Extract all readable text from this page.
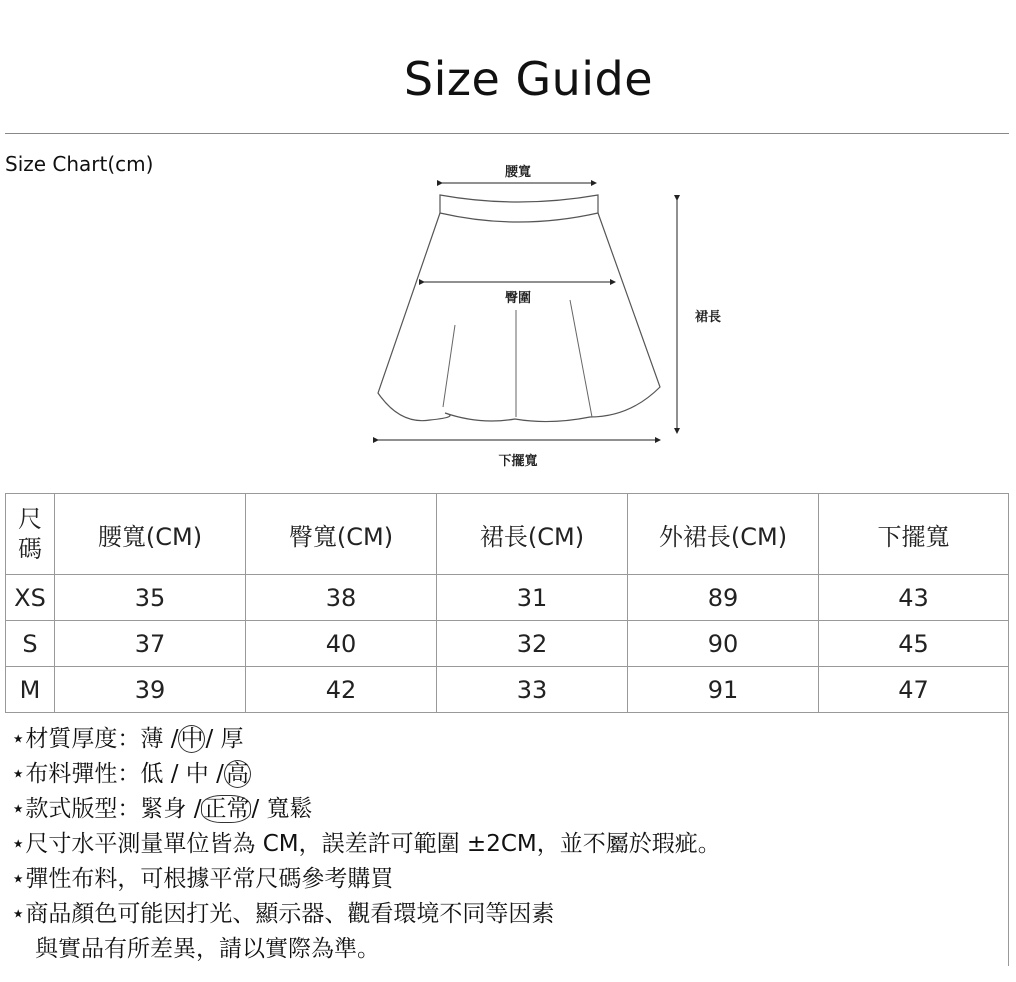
Size Guide
Size Chart(cm)	腰寬
臀圍
裙長
下擺寬
尺
碼	腰寬(CM)	臀寬(CM)	裙長(CM)	外裙長(CM)	下擺寬
XS	35	38	31	89	43
S	37	40	32	90	45
M	39	42	33	91	47
⋆材質厚度：薄 /中/ 厚
⋆布料彈性：低 / 中 /高
⋆款式版型：緊身 /正常/ 寬鬆
⋆尺寸水平測量單位皆為 CM，誤差許可範圍 ±2CM，並不屬於瑕疵。
⋆彈性布料，可根據平常尺碼參考購買
⋆商品顏色可能因打光、顯示器、觀看環境不同等因素
與實品有所差異，請以實際為準。
